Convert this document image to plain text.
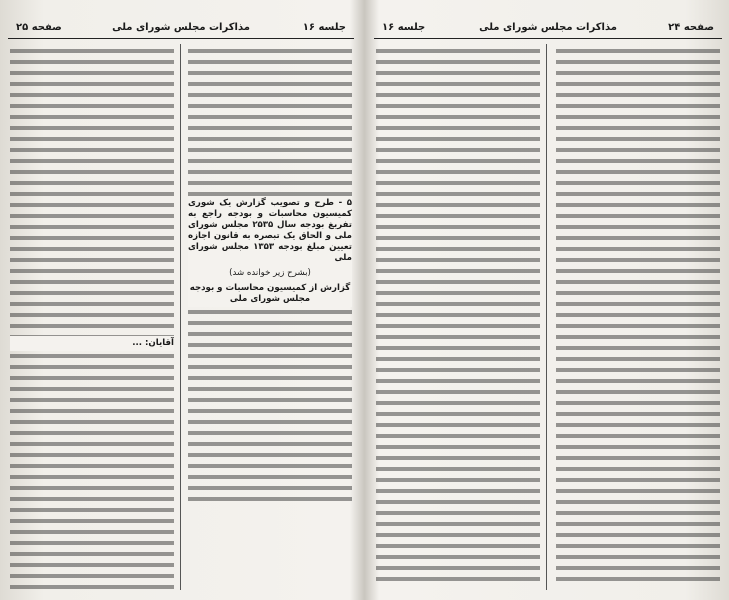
جلسه ۱۶
مذاکرات مجلس شورای ملی
صفحه ۲۵
۵ - طرح و تصویب گزارش یک شوری کمیسیون محاسبات و بودجه راجع به تفریغ بودجه سال ۲۵۳۵ مجلس شورای ملی و الحاق یک تبصره به قانون اجازه تعیین مبلغ بودجه ۱۳۵۳ مجلس شورای ملی
(بشرح زیر خوانده شد)
گزارش از کمیسیون محاسبات و بودجه مجلس شورای ملی
آقایان: ...
صفحه ۲۴
مذاکرات مجلس شورای ملی
جلسه ۱۶
